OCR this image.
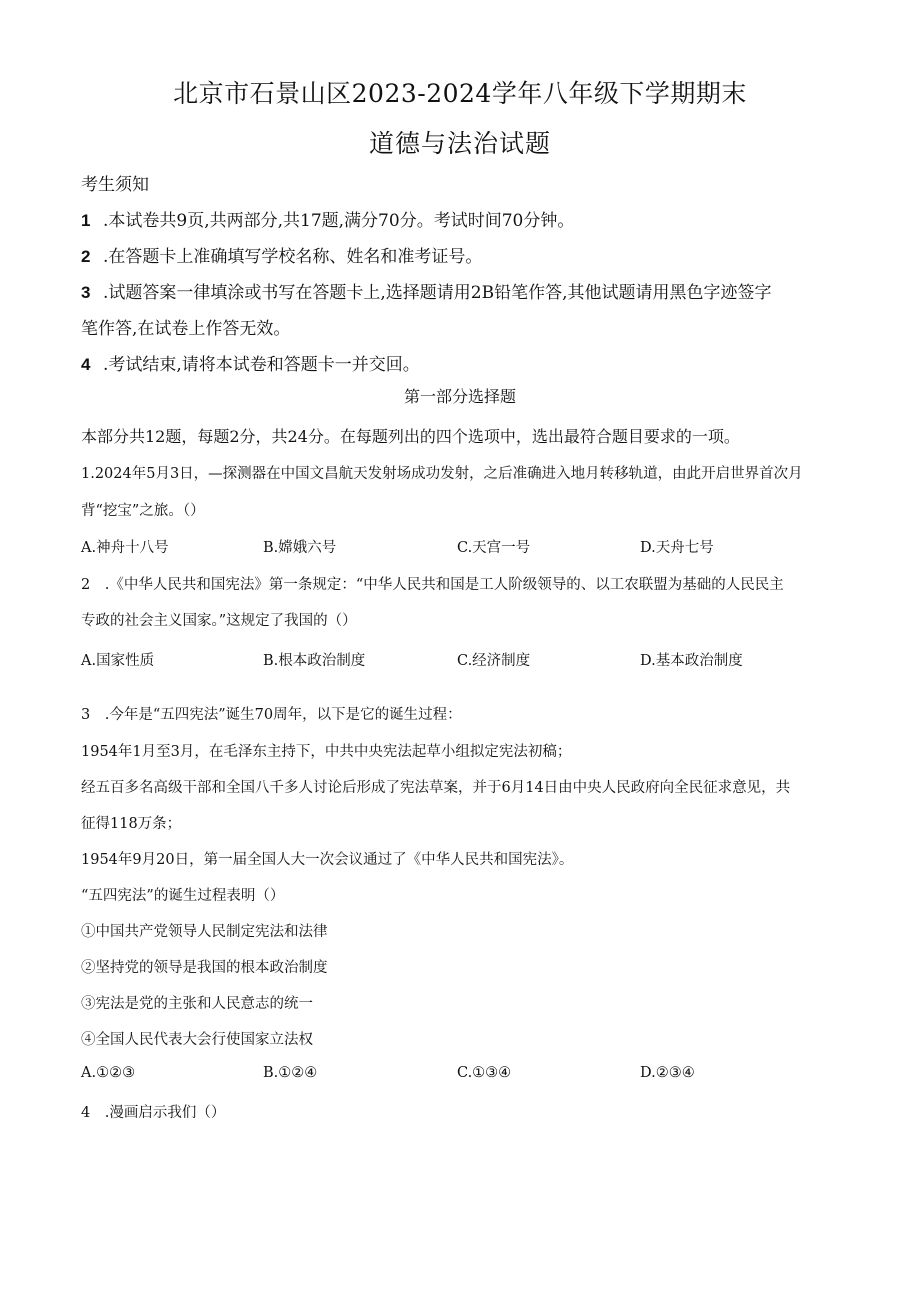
北京市石景山区2023-2024学年八年级下学期期末
道德与法治试题
考生须知
1 .本试卷共9页,共两部分,共17题,满分70分。考试时间70分钟。
2 .在答题卡上准确填写学校名称、姓名和准考证号。
3 .试题答案一律填涂或书写在答题卡上,选择题请用2B铅笔作答,其他试题请用黑色字迹签字
笔作答,在试卷上作答无效。
4 .考试结束,请将本试卷和答题卡一并交回。
第一部分选择题
本部分共12题，每题2分，共24分。在每题列出的四个选项中，选出最符合题目要求的一项。
1.2024年5月3日，—探测器在中国文昌航天发射场成功发射，之后准确进入地月转移轨道，由此开启世界首次月
背“挖宝”之旅。（）
A.神舟十八号	B.嫦娥六号	C.天宫一号	D.天舟七号
2　.《中华人民共和国宪法》第一条规定：“中华人民共和国是工人阶级领导的、以工农联盟为基础的人民民主
专政的社会主义国家。”这规定了我国的（）
A.国家性质	B.根本政治制度	C.经济制度	D.基本政治制度
3　.今年是“五四宪法”诞生70周年，以下是它的诞生过程：
1954年1月至3月，在毛泽东主持下，中共中央宪法起草小组拟定宪法初稿；
经五百多名高级干部和全国八千多人讨论后形成了宪法草案，并于6月14日由中央人民政府向全民征求意见，共
征得118万条；
1954年9月20日，第一届全国人大一次会议通过了《中华人民共和国宪法》。
“五四宪法”的诞生过程表明（）
①中国共产党领导人民制定宪法和法律
②坚持党的领导是我国的根本政治制度
③宪法是党的主张和人民意志的统一
④全国人民代表大会行使国家立法权
A.①②③	B.①②④	C.①③④	D.②③④
4　.漫画启示我们（）
